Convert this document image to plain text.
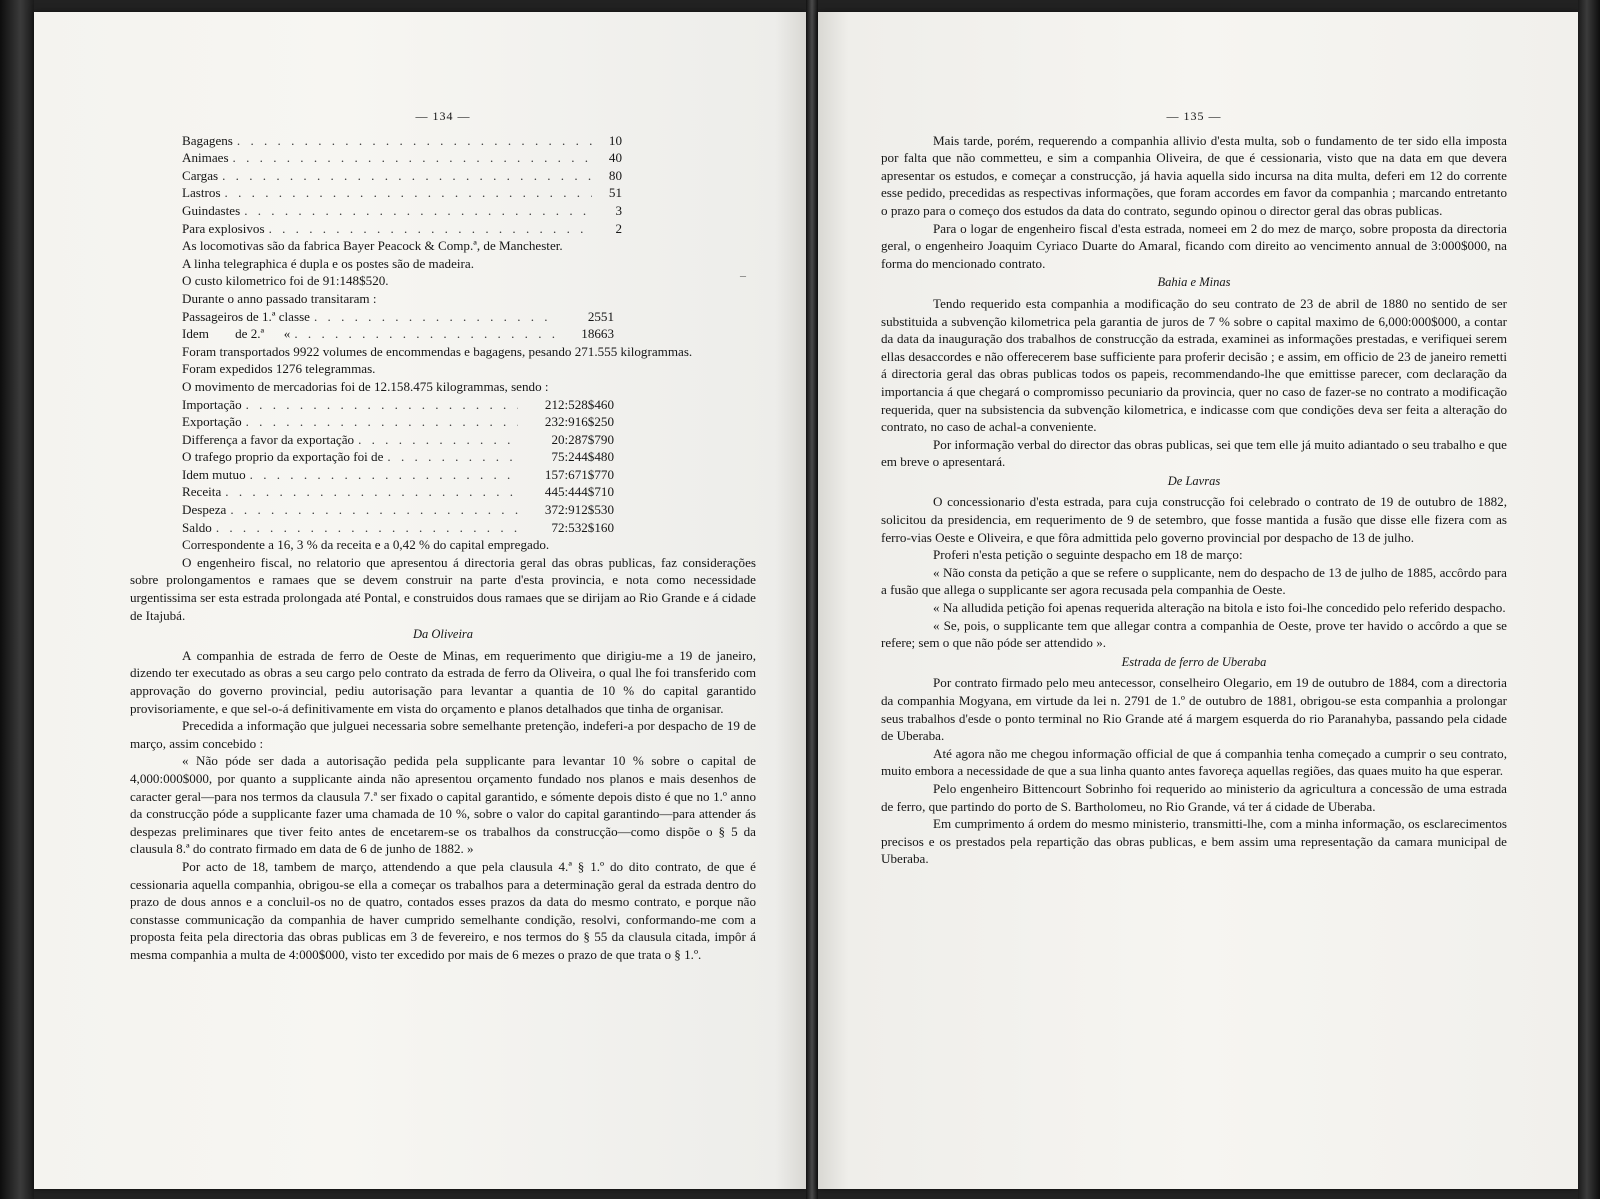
— 134 —
Bagagens . . .	10
Animaes . . .	40
Cargas . . .	80
Lastros . . .	51
Guindastes . . .	3
Para explosivos . . .	2

As locomotivas são da fabrica Bayer Peacock & Comp.ª, de Manchester.

A linha telegraphica é dupla e os postes são de madeira.

O custo kilometrico foi de 91:148$520.

Durante o anno passado transitaram :

Passageiros de 1.ª classe . . .	2551
Idem        de 2.ª      « . . .	18663

Foram transportados 9922 volumes de encommendas e bagagens, pesando 271.555 kilogrammas.

Foram expedidos 1276 telegrammas.

O movimento de mercadorias foi de 12.158.475 kilogrammas, sendo :

Importação . . .	212:528$460
Exportação . . .	232:916$250
Differença a favor da exportação . . .	20:287$790
O trafego proprio da exportação foi de . . .	75:244$480
Idem mutuo . . .	157:671$770
Receita . . .	445:444$710
Despeza . . .	372:912$530
Saldo . . .	72:532$160

Correspondente a 16, 3 % da receita e a 0,42 % do capital empregado.

O engenheiro fiscal, no relatorio que apresentou á directoria geral das obras publicas, faz considerações sobre prolongamentos e ramaes que se devem construir na parte d'esta provincia, e nota como necessidade urgentissima ser esta estrada prolongada até Pontal, e construidos dous ramaes que se dirijam ao Rio Grande e á cidade de Itajubá.

Da Oliveira

A companhia de estrada de ferro de Oeste de Minas, em requerimento que dirigiu-me a 19 de janeiro, dizendo ter executado as obras a seu cargo pelo contrato da estrada de ferro da Oliveira, o qual lhe foi transferido com approvação do governo provincial, pediu autorisação para levantar a quantia de 10 % do capital garantido provisoriamente, e que sel-o-á definitivamente em vista do orçamento e planos detalhados que tinha de organisar.

Precedida a informação que julguei necessaria sobre semelhante pretenção, indeferi-a por despacho de 19 de março, assim concebido :

« Não póde ser dada a autorisação pedida pela supplicante para levantar 10 % sobre o capital de 4,000:000$000, por quanto a supplicante ainda não apresentou orçamento fundado nos planos e mais desenhos de caracter geral—para nos termos da clausula 7.ª ser fixado o capital garantido, e sómente depois disto é que no 1.º anno da construcção póde a supplicante fazer uma chamada de 10 %, sobre o valor do capital garantindo—para attender ás despezas preliminares que tiver feito antes de encetarem-se os trabalhos da construcção—como dispõe o § 5 da clausula 8.ª do contrato firmado em data de 6 de junho de 1882. »

Por acto de 18, tambem de março, attendendo a que pela clausula 4.ª § 1.º do dito contrato, de que é cessionaria aquella companhia, obrigou-se ella a começar os trabalhos para a determinação geral da estrada dentro do prazo de dous annos e a concluil-os no de quatro, contados esses prazos da data do mesmo contrato, e porque não constasse communicação da companhia de haver cumprido semelhante condição, resolvi, conformando-me com a proposta feita pela directoria das obras publicas em 3 de fevereiro, e nos termos do § 55 da clausula citada, impôr á mesma companhia a multa de 4:000$000, visto ter excedido por mais de 6 mezes o prazo de que trata o § 1.º.

–
— 135 —

Mais tarde, porém, requerendo a companhia allivio d'esta multa, sob o fundamento de ter sido ella imposta por falta que não commetteu, e sim a companhia Oliveira, de que é cessionaria, visto que na data em que devera apresentar os estudos, e começar a construcção, já havia aquella sido incursa na dita multa, deferi em 12 do corrente esse pedido, precedidas as respectivas informações, que foram accordes em favor da companhia ; marcando entretanto o prazo para o começo dos estudos da data do contrato, segundo opinou o director geral das obras publicas.

Para o logar de engenheiro fiscal d'esta estrada, nomeei em 2 do mez de março, sobre proposta da directoria geral, o engenheiro Joaquim Cyriaco Duarte do Amaral, ficando com direito ao vencimento annual de 3:000$000, na forma do mencionado contrato.

Bahia e Minas

Tendo requerido esta companhia a modificação do seu contrato de 23 de abril de 1880 no sentido de ser substituida a subvenção kilometrica pela garantia de juros de 7 % sobre o capital maximo de 6,000:000$000, a contar da data da inauguração dos trabalhos de construcção da estrada, examinei as informações prestadas, e verifiquei serem ellas desaccordes e não offerecerem base sufficiente para proferir decisão ; e assim, em officio de 23 de janeiro remetti á directoria geral das obras publicas todos os papeis, recommendando-lhe que emittisse parecer, com declaração da importancia á que chegará o compromisso pecuniario da provincia, quer no caso de fazer-se no contrato a modificação requerida, quer na subsistencia da subvenção kilometrica, e indicasse com que condições deva ser feita a alteração do contrato, no caso de achal-a conveniente.

Por informação verbal do director das obras publicas, sei que tem elle já muito adiantado o seu trabalho e que em breve o apresentará.

De Lavras

O concessionario d'esta estrada, para cuja construcção foi celebrado o contrato de 19 de outubro de 1882, solicitou da presidencia, em requerimento de 9 de setembro, que fosse mantida a fusão que disse elle fizera com as ferro-vias Oeste e Oliveira, e que fôra admittida pelo governo provincial por despacho de 13 de julho.

Proferi n'esta petição o seguinte despacho em 18 de março:

« Não consta da petição a que se refere o supplicante, nem do despacho de 13 de julho de 1885, accôrdo para a fusão que allega o supplicante ser agora recusada pela companhia de Oeste.

« Na alludida petição foi apenas requerida alteração na bitola e isto foi-lhe concedido pelo referido despacho.

« Se, pois, o supplicante tem que allegar contra a companhia de Oeste, prove ter havido o accôrdo a que se refere; sem o que não póde ser attendido ».

Estrada de ferro de Uberaba

Por contrato firmado pelo meu antecessor, conselheiro Olegario, em 19 de outubro de 1884, com a directoria da companhia Mogyana, em virtude da lei n. 2791 de 1.º de outubro de 1881, obrigou-se esta companhia a prolongar seus trabalhos d'esde o ponto terminal no Rio Grande até á margem esquerda do rio Paranahyba, passando pela cidade de Uberaba.

Até agora não me chegou informação official de que á companhia tenha começado a cumprir o seu contrato, muito embora a necessidade de que a sua linha quanto antes favoreça aquellas regiões, das quaes muito ha que esperar.

Pelo engenheiro Bittencourt Sobrinho foi requerido ao ministerio da agricultura a concessão de uma estrada de ferro, que partindo do porto de S. Bartholomeu, no Rio Grande, vá ter á cidade de Uberaba.

Em cumprimento á ordem do mesmo ministerio, transmitti-lhe, com a minha informação, os esclarecimentos precisos e os prestados pela repartição das obras publicas, e bem assim uma representação da camara municipal de Uberaba.
